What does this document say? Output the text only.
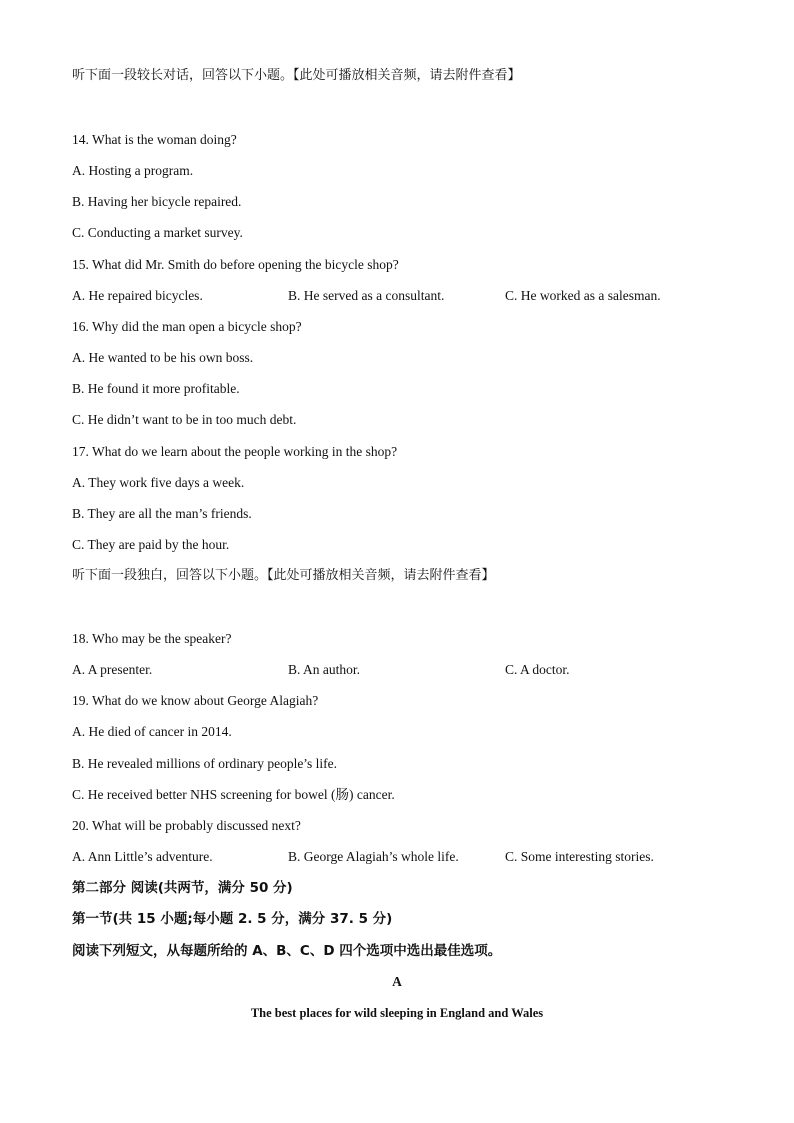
听下面一段较长对话，回答以下小题。【此处可播放相关音频，请去附件查看】
14. What is the woman doing?
A. Hosting a program.
B. Having her bicycle repaired.
C. Conducting a market survey.
15. What did Mr. Smith do before opening the bicycle shop?
A. He repaired bicycles.	B. He served as a consultant.	C. He worked as a salesman.
16. Why did the man open a bicycle shop?
A. He wanted to be his own boss.
B. He found it more profitable.
C. He didn’t want to be in too much debt.
17. What do we learn about the people working in the shop?
A. They work five days a week.
B. They are all the man’s friends.
C. They are paid by the hour.
听下面一段独白，回答以下小题。【此处可播放相关音频，请去附件查看】
18. Who may be the speaker?
A. A presenter.	B. An author.	C. A doctor.
19. What do we know about George Alagiah?
A. He died of cancer in 2014.
B. He revealed millions of ordinary people’s life.
C. He received better NHS screening for bowel (肠) cancer.
20. What will be probably discussed next?
A. Ann Little’s adventure.	B. George Alagiah’s whole life.	C. Some interesting stories.
第二部分 阅读(共两节，满分 50 分)
第一节(共 15 小题;每小题 2. 5 分，满分 37. 5 分)
阅读下列短文，从每题所给的 A、B、C、D 四个选项中选出最佳选项。
A
The best places for wild sleeping in England and Wales
